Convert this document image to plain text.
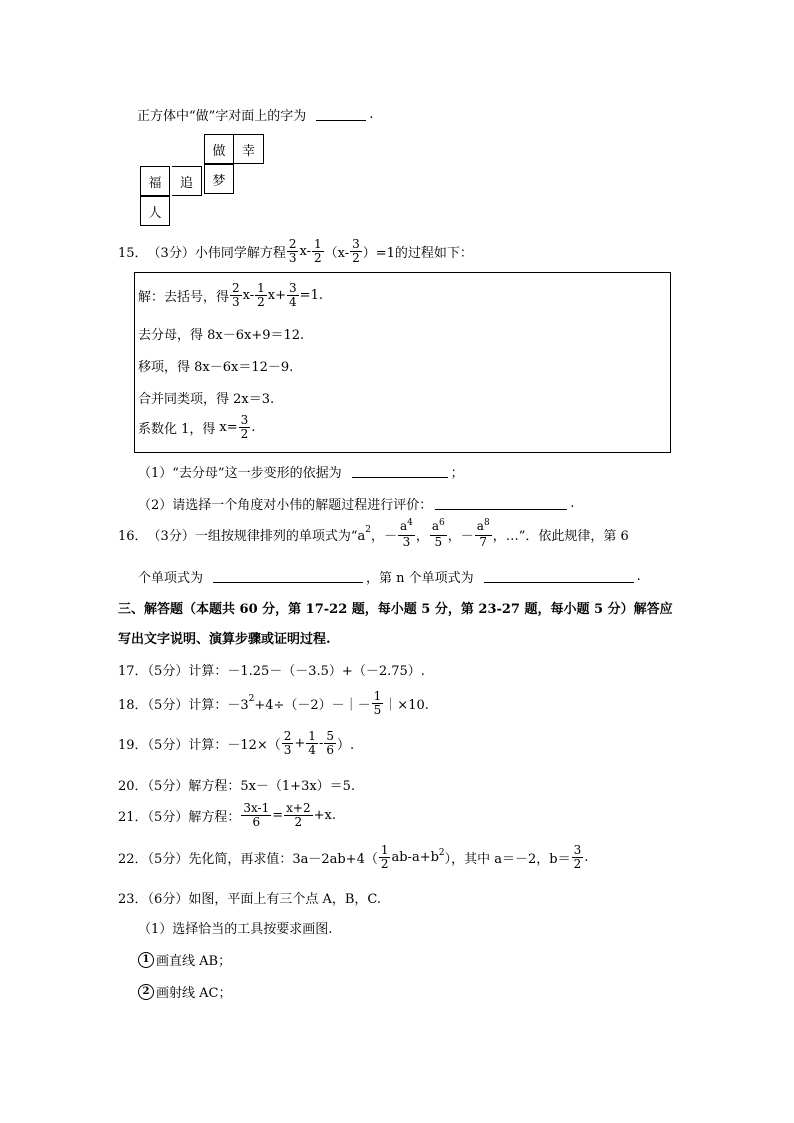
正方体中“做”字对面上的字为	.
做	幸
福	追	梦
人
15． （3分） 小伟同学解方程 $\frac{2}{3} x- \frac{1}{2} (x- \frac{3}{2} )=1$的过程如下：
解：去括号，得 $\frac{2}{3} x- \frac{1}{2} x+ \frac{3}{4} =1$.
去分母，得 8x－6x+9＝12.
移项，得 8x－6x＝12－9.
合并同类项，得 2x＝3.
系数化 1，得 $x= \frac{3}{2}$ .
（1）“去分母”这一步变形的依据为	；
（2）请选择一个角度对小伟的解题过程进行评价：	.
16． （3分） 一组按规律排列的单项式为“a 2 ，－ $\frac{a^4}{3}$ ， $\frac{a^6}{5}$ ，－ $\frac{a^8}{7}$ ，…”．依此规律，第 6
个单项式为	，第 n 个单项式为	.
三、解答题（本题共 60 分，第 17-22 题，每小题 5 分，第 23-27 题，每小题 5 分）解答应
写出文字说明、演算步骤或证明过程.
17．（5分）计算：－1.25－（－3.5）+（－2.75）.
18．（5分）计算：－3 2 +4÷（－2）－｜－ $\frac{1}{5}$ ｜×10.
19．（5分）计算：$-12\times( \frac{2}{3} + \frac{1}{4} - \frac{5}{6}$ ）.
20．（5分）解方程：5x－（1+3x）＝5.
21．（5分）解方程： $\frac{3x-1}{6} = \frac{x+2}{2} +x$.
22．（5分）先化简，再求值：$3a-2ab+4( \frac{1}{2} ab-a+b$ 2 ），其中 a＝－2，$b= \frac{3}{2}$ .
23．（6分）如图，平面上有三个点 A，B，C.
（1）选择恰当的工具按要求画图.
1 画直线 AB；
2 画射线 AC；
